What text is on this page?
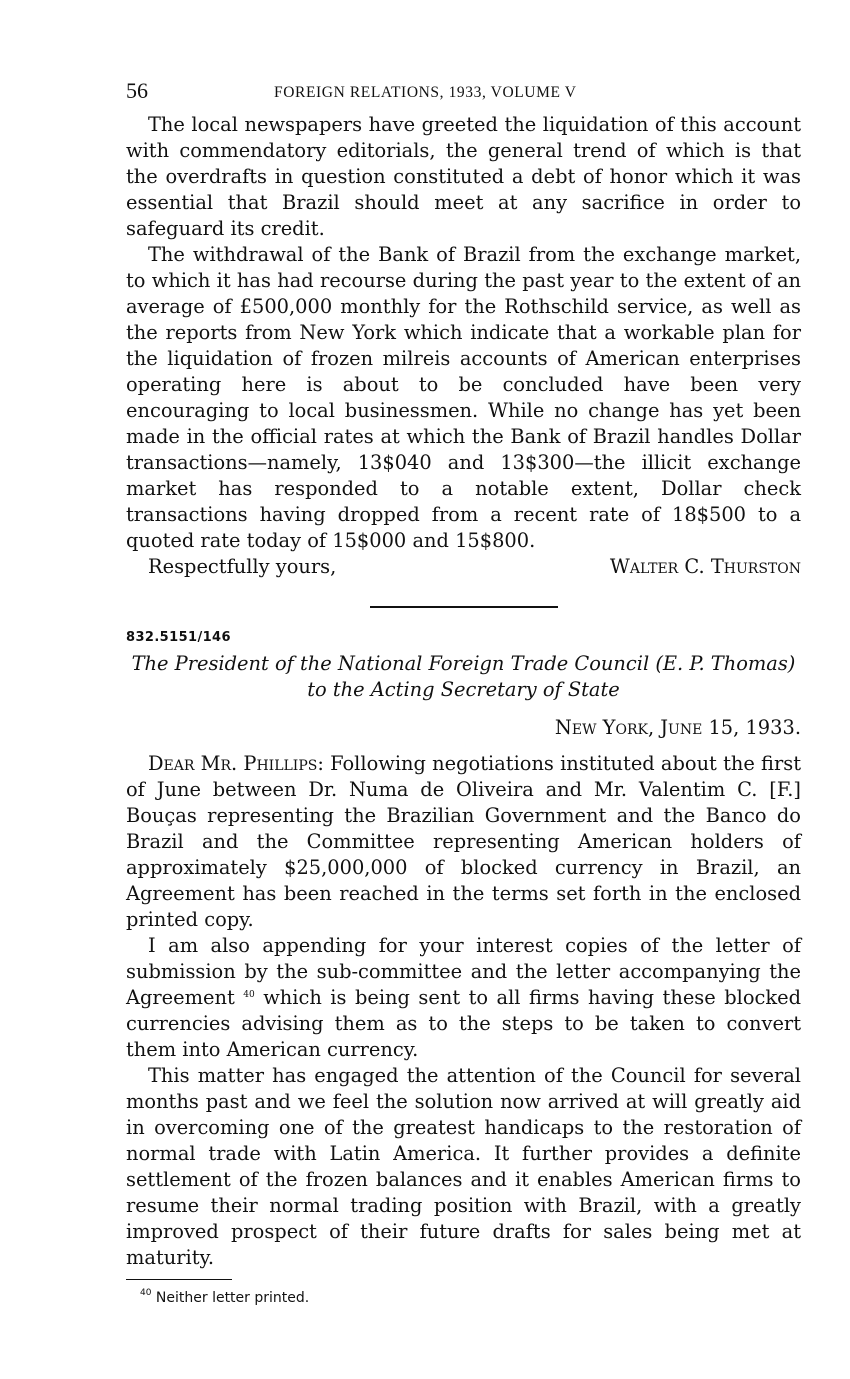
56	FOREIGN RELATIONS, 1933, VOLUME V

The local newspapers have greeted the liquidation of this account with commendatory editorials, the general trend of which is that the overdrafts in question constituted a debt of honor which it was essential that Brazil should meet at any sacrifice in order to safeguard its credit.

The withdrawal of the Bank of Brazil from the exchange market, to which it has had recourse during the past year to the extent of an average of £500,000 monthly for the Rothschild service, as well as the reports from New York which indicate that a workable plan for the liquidation of frozen milreis accounts of American enterprises operating here is about to be concluded have been very encouraging to local businessmen. While no change has yet been made in the official rates at which the Bank of Brazil handles Dollar transactions—namely, 13$040 and 13$300—the illicit exchange market has responded to a notable extent, Dollar check transactions having dropped from a recent rate of 18$500 to a quoted rate today of 15$000 and 15$800.

Respectfully yours,	Walter C. Thurston
832.5151/146
The President of the National Foreign Trade Council (E. P. Thomas) to the Acting Secretary of State
New York, June 15, 1933.

Dear Mr. Phillips: Following negotiations instituted about the first of June between Dr. Numa de Oliveira and Mr. Valentim C. [F.] Bouças representing the Brazilian Government and the Banco do Brazil and the Committee representing American holders of approximately $25,000,000 of blocked currency in Brazil, an Agreement has been reached in the terms set forth in the enclosed printed copy.

I am also appending for your interest copies of the letter of submission by the sub-committee and the letter accompanying the Agreement $^{40}$ which is being sent to all firms having these blocked currencies advising them as to the steps to be taken to convert them into American currency.

This matter has engaged the attention of the Council for several months past and we feel the solution now arrived at will greatly aid in overcoming one of the greatest handicaps to the restoration of normal trade with Latin America. It further provides a definite settlement of the frozen balances and it enables American firms to resume their normal trading position with Brazil, with a greatly improved prospect of their future drafts for sales being met at maturity.

$^{40}$ Neither letter printed.
